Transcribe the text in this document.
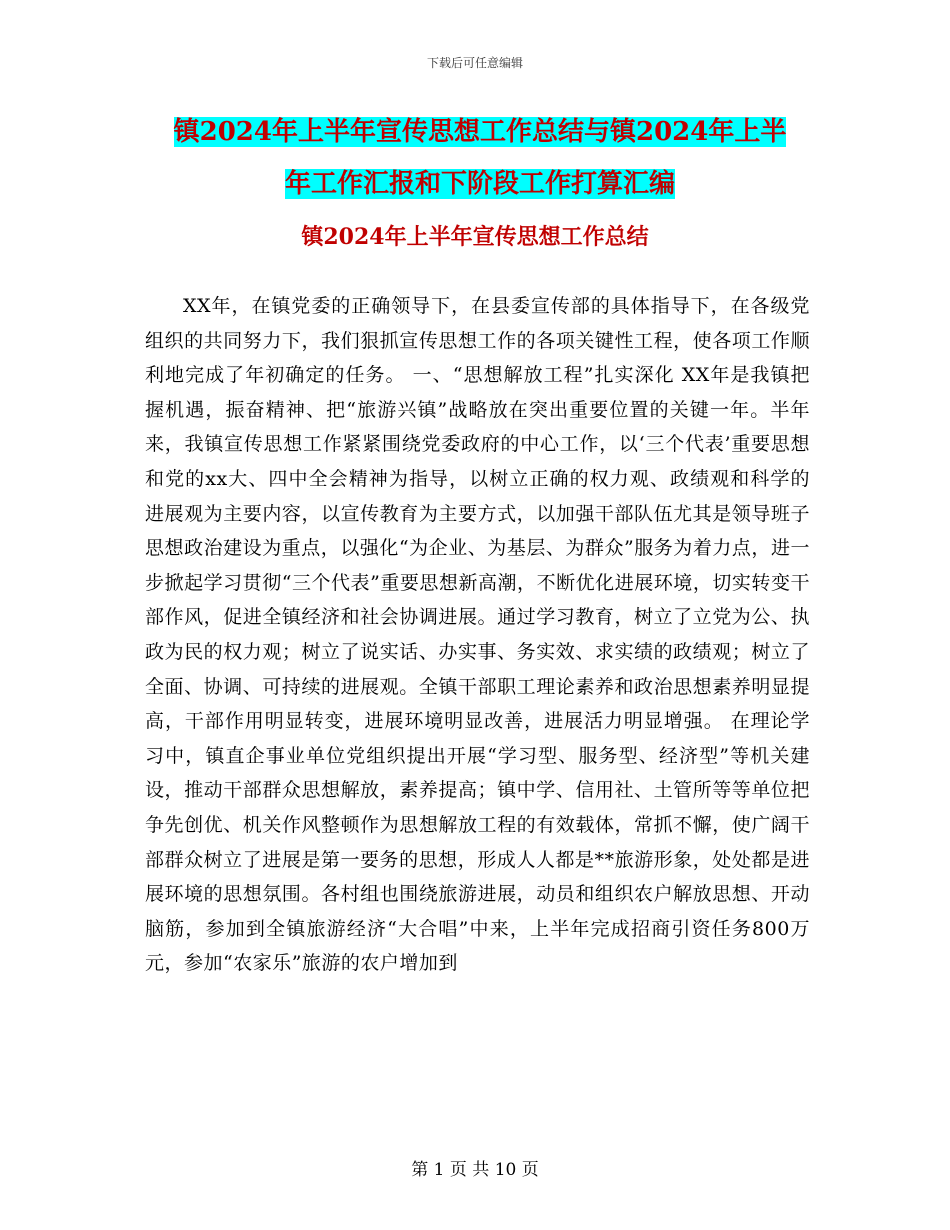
下载后可任意编辑
镇2024年上半年宣传思想工作总结与镇2024年上半
年工作汇报和下阶段工作打算汇编
镇2024年上半年宣传思想工作总结

XX年，在镇党委的正确领导下，在县委宣传部的具体指导下，在各级党组织的共同努力下，我们狠抓宣传思想工作的各项关键性工程，使各项工作顺利地完成了年初确定的任务。 一、“思想解放工程”扎实深化 XX年是我镇把握机遇，振奋精神、把“旅游兴镇”战略放在突出重要位置的关键一年。半年来，我镇宣传思想工作紧紧围绕党委政府的中心工作，以‘三个代表’重要思想和党的xx大、四中全会精神为指导，以树立正确的权力观、政绩观和科学的进展观为主要内容，以宣传教育为主要方式，以加强干部队伍尤其是领导班子思想政治建设为重点，以强化“为企业、为基层、为群众”服务为着力点，进一步掀起学习贯彻“三个代表”重要思想新高潮，不断优化进展环境，切实转变干部作风，促进全镇经济和社会协调进展。通过学习教育，树立了立党为公、执政为民的权力观；树立了说实话、办实事、务实效、求实绩的政绩观；树立了全面、协调、可持续的进展观。全镇干部职工理论素养和政治思想素养明显提高，干部作用明显转变，进展环境明显改善，进展活力明显增强。 在理论学习中，镇直企事业单位党组织提出开展“学习型、服务型、经济型”等机关建设，推动干部群众思想解放，素养提高；镇中学、信用社、土管所等等单位把争先创优、机关作风整顿作为思想解放工程的有效载体，常抓不懈，使广阔干部群众树立了进展是第一要务的思想，形成人人都是**旅游形象，处处都是进展环境的思想氛围。各村组也围绕旅游进展，动员和组织农户解放思想、开动脑筋，参加到全镇旅游经济“大合唱”中来，上半年完成招商引资任务800万元，参加“农家乐”旅游的农户增加到

第 1 页 共 10 页
